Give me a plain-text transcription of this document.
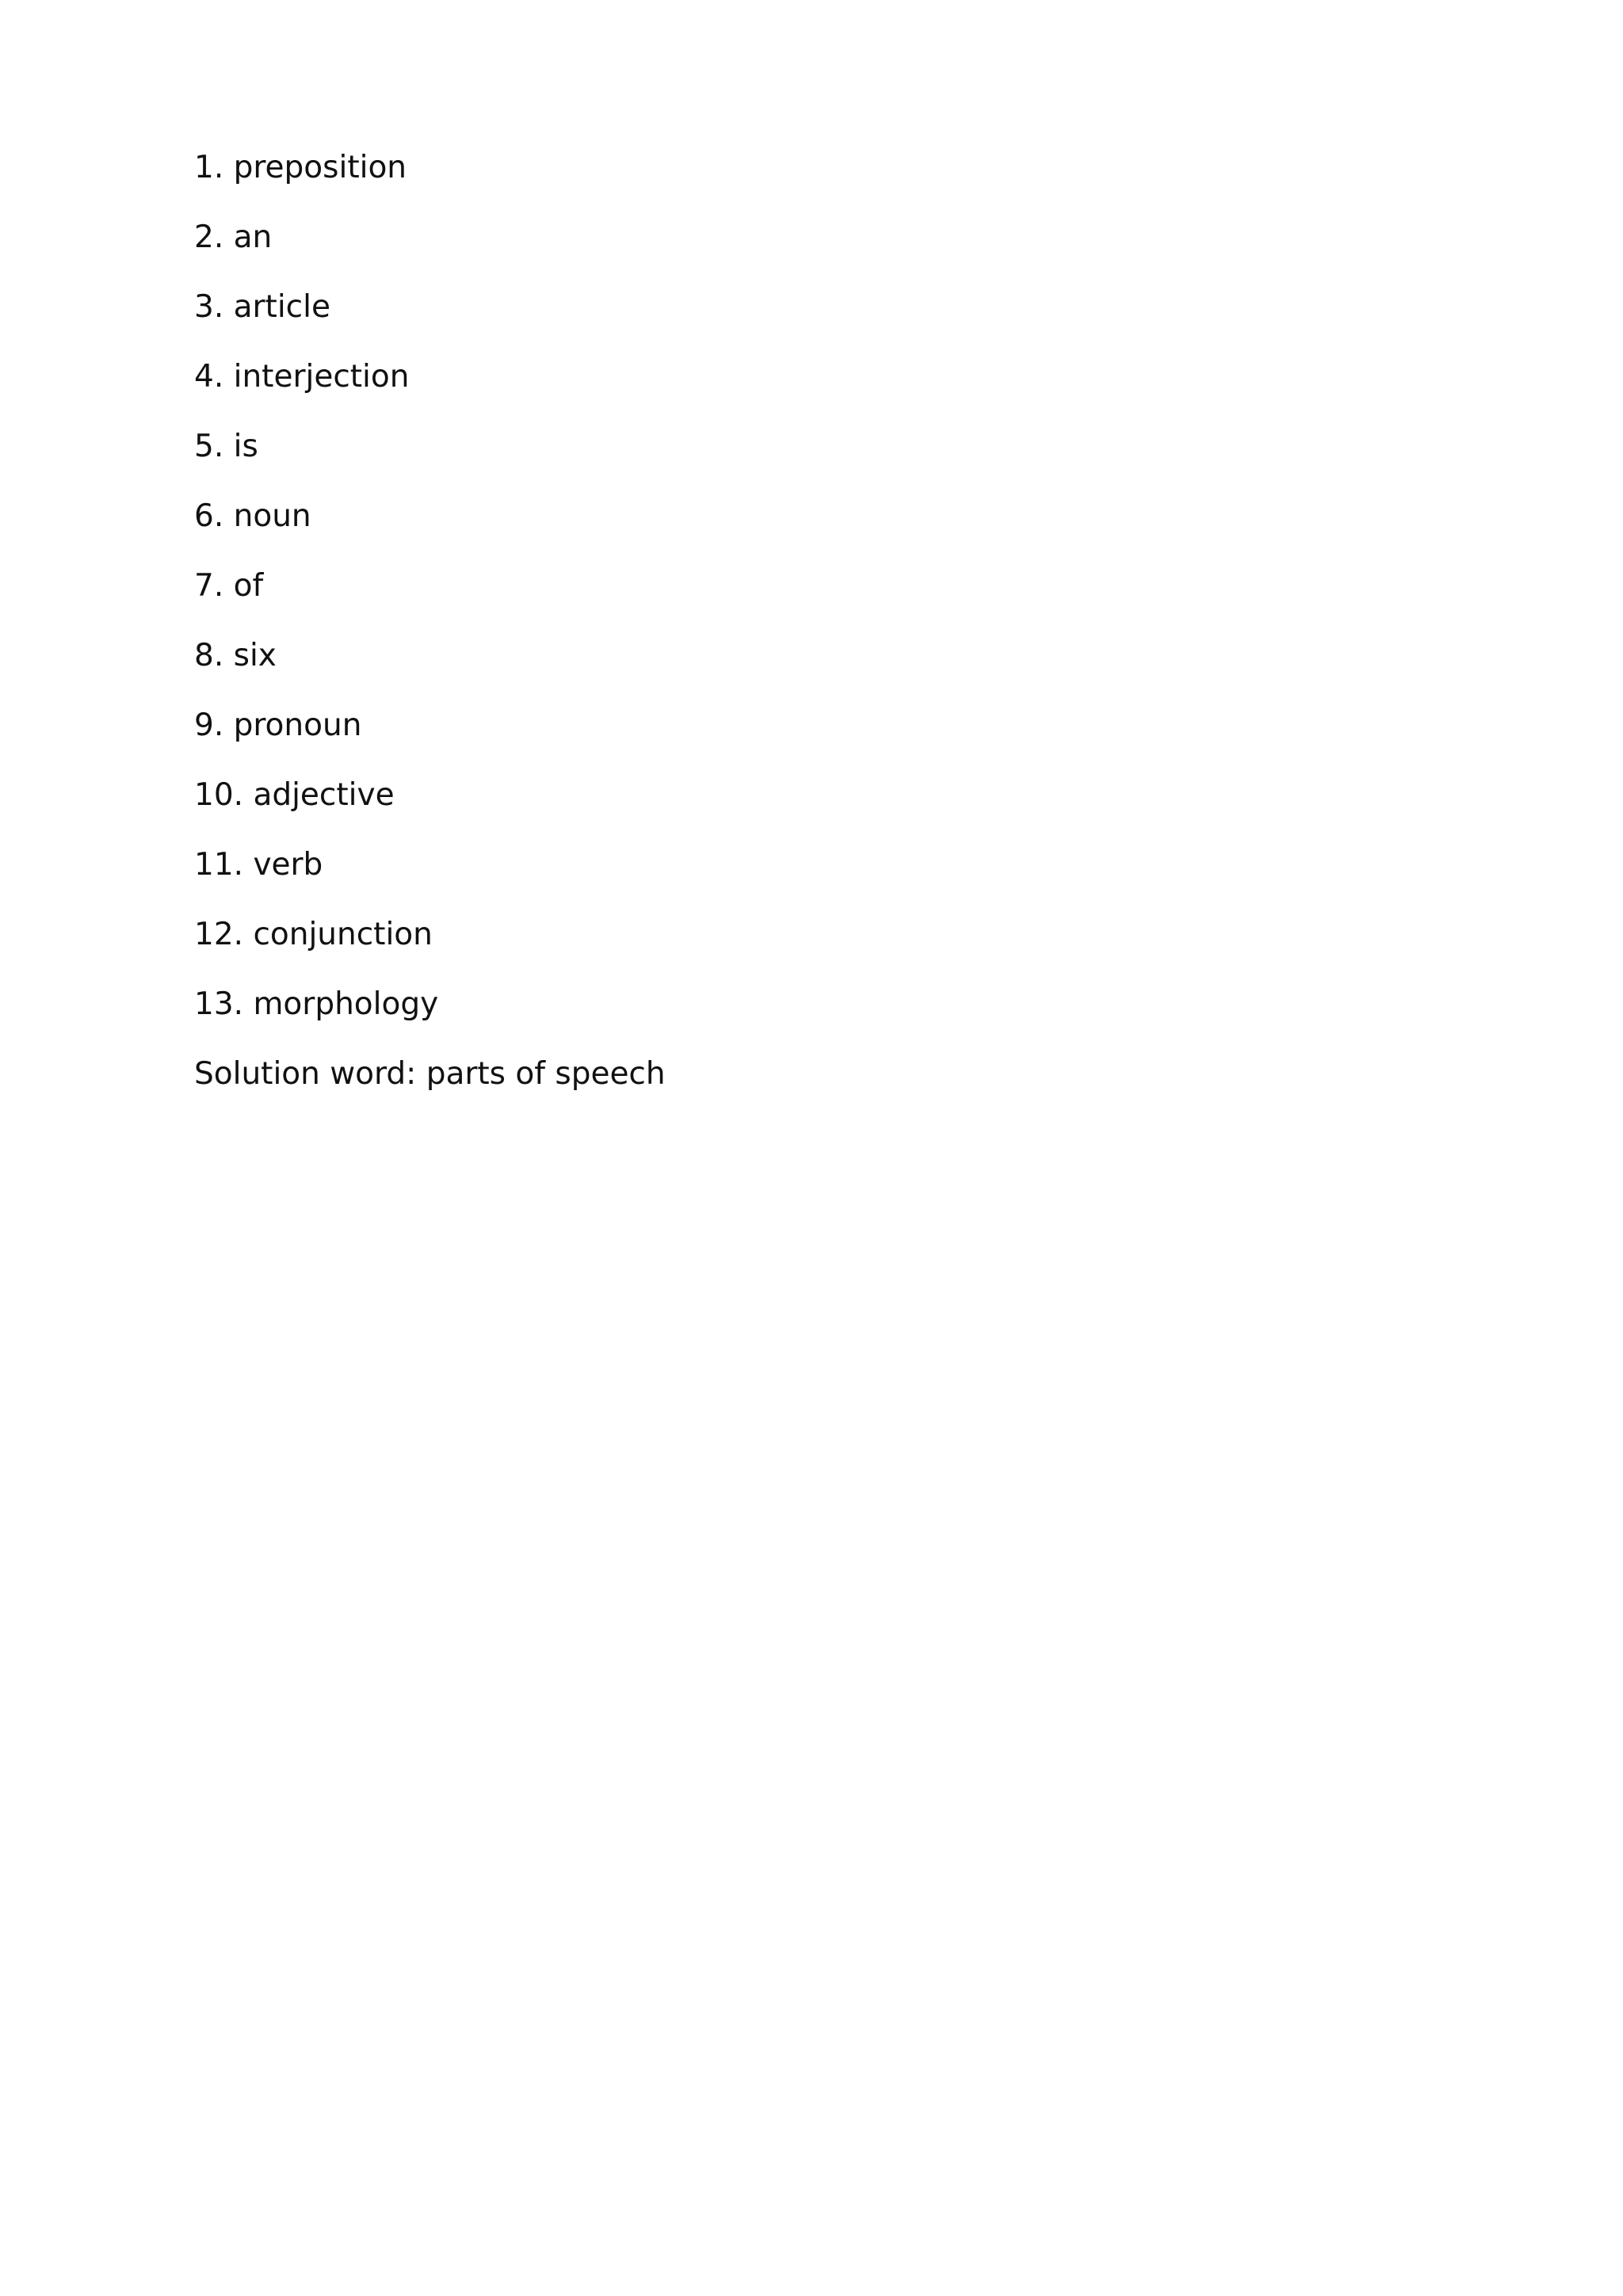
1. preposition
2. an
3. article
4. interjection
5. is
6. noun
7. of
8. six
9. pronoun
10. adjective
11. verb
12. conjunction
13. morphology
Solution word: parts of speech
